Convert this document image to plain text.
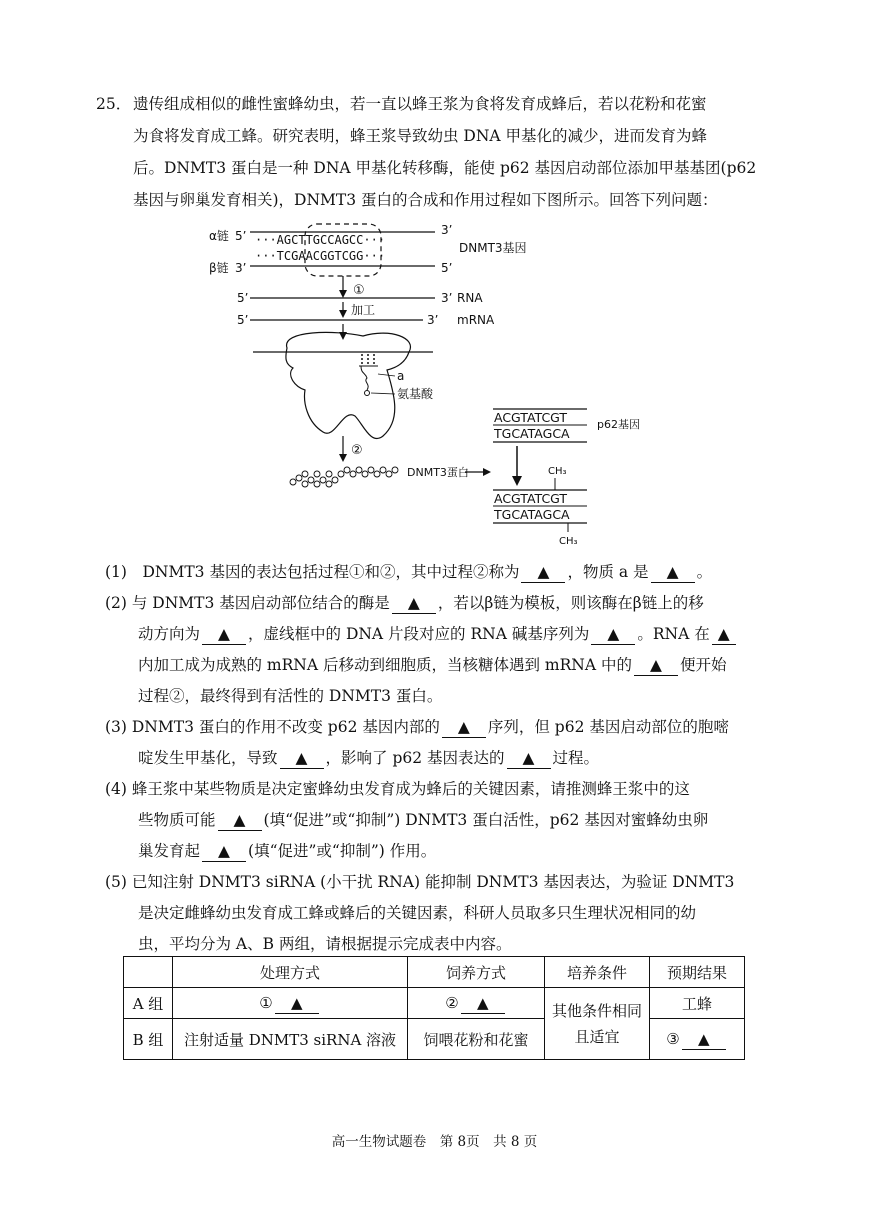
25． 遗传组成相似的雌性蜜蜂幼虫，若一直以蜂王浆为食将发育成蜂后，若以花粉和花蜜
为食将发育成工蜂。研究表明，蜂王浆导致幼虫 DNA 甲基化的减少，进而发育为蜂
后。DNMT3 蛋白是一种 DNA 甲基化转移酶，能使 p62 基因启动部位添加甲基基团(p62
基因与卵巢发育相关)，DNMT3 蛋白的合成和作用过程如下图所示。回答下列问题：
α链 5’ ···AGCTTGCCAGCC···
3’
···TCGAACGGTCGG···
β链 3’	5’
DNMT3基因
①
5’	3’ RNA
加工
5’	3’ mRNA
a
氨基酸
②
DNMT3蛋白
ACGTATCGT
TGCATAGCA
p62基因
CH₃
ACGTATCGT
TGCATAGCA
CH₃
(1)　DNMT3 基因的表达包括过程①和②，其中过程②称为 ▲ ，物质 a 是 ▲ 。
(2) 与 DNMT3 基因启动部位结合的酶是 ▲ ，若以β链为模板，则该酶在β链上的移
动方向为 ▲ ，虚线框中的 DNA 片段对应的 RNA 碱基序列为 ▲ 。RNA 在 ▲
内加工成为成熟的 mRNA 后移动到细胞质，当核糖体遇到 mRNA 中的 ▲ 便开始
过程②，最终得到有活性的 DNMT3 蛋白。
(3) DNMT3 蛋白的作用不改变 p62 基因内部的 ▲ 序列，但 p62 基因启动部位的胞嘧
啶发生甲基化，导致 ▲ ，影响了 p62 基因表达的 ▲ 过程。
(4) 蜂王浆中某些物质是决定蜜蜂幼虫发育成为蜂后的关键因素，请推测蜂王浆中的这
些物质可能 ▲ (填“促进”或“抑制”) DNMT3 蛋白活性，p62 基因对蜜蜂幼虫卵
巢发育起 ▲ (填“促进”或“抑制”) 作用。
(5) 已知注射 DNMT3 siRNA (小干扰 RNA) 能抑制 DNMT3 基因表达，为验证 DNMT3
是决定雌蜂幼虫发育成工蜂或蜂后的关键因素，科研人员取多只生理状况相同的幼
虫，平均分为 A、B 两组，请根据提示完成表中内容。
	处理方式	饲养方式	培养条件	预期结果
A 组	① ▲	② ▲	其他条件相同且适宜	工蜂
B 组	注射适量 DNMT3 siRNA 溶液	饲喂花粉和花蜜		③ ▲
高一生物试题卷　第 8页　共 8 页
